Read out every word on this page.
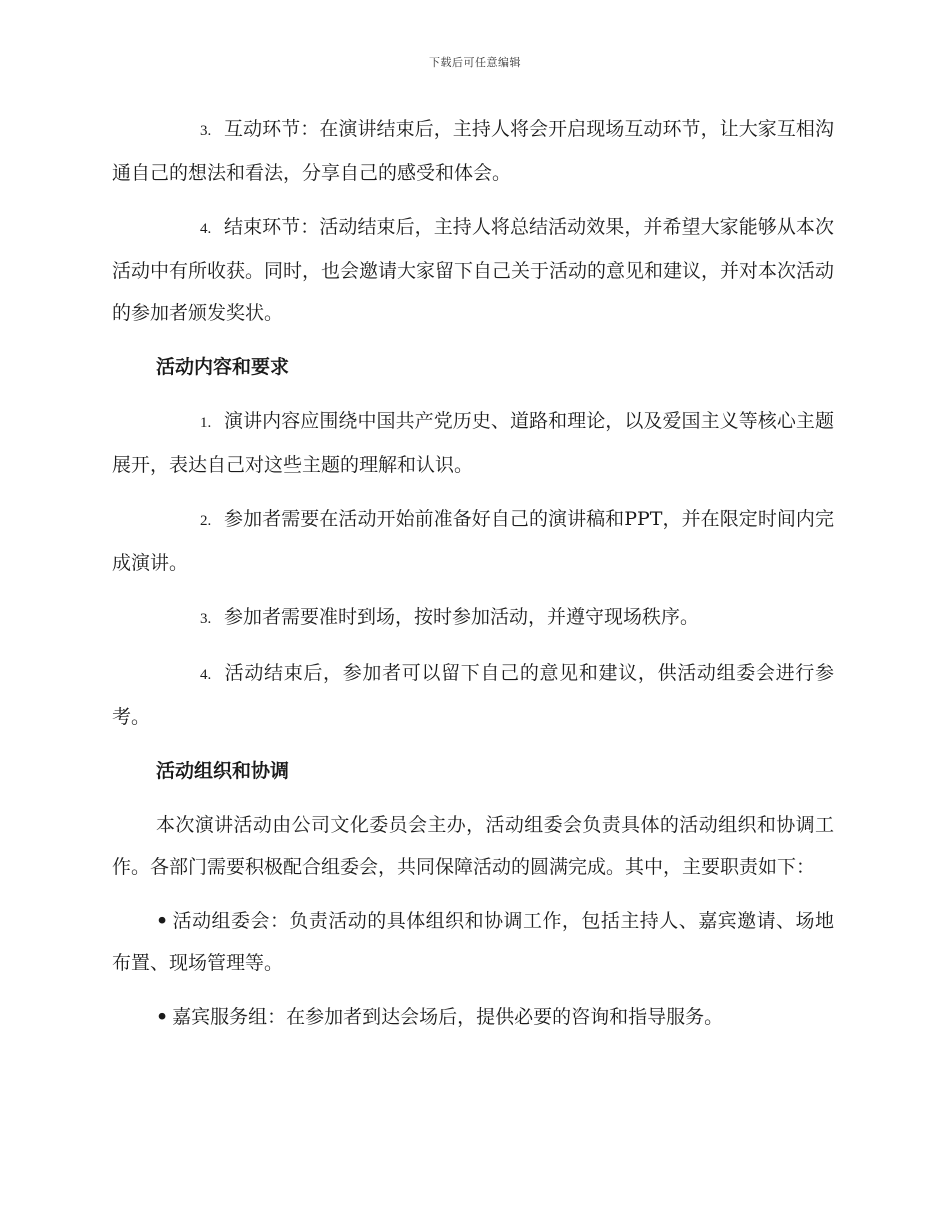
下载后可任意编辑

3. 互动环节：在演讲结束后，主持人将会开启现场互动环节，让大家互相沟通自己的想法和看法，分享自己的感受和体会。

4. 结束环节：活动结束后，主持人将总结活动效果，并希望大家能够从本次活动中有所收获。同时，也会邀请大家留下自己关于活动的意见和建议，并对本次活动的参加者颁发奖状。

活动内容和要求

1. 演讲内容应围绕中国共产党历史、道路和理论，以及爱国主义等核心主题展开，表达自己对这些主题的理解和认识。

2. 参加者需要在活动开始前准备好自己的演讲稿和PPT，并在限定时间内完成演讲。

3. 参加者需要准时到场，按时参加活动，并遵守现场秩序。

4. 活动结束后，参加者可以留下自己的意见和建议，供活动组委会进行参考。

活动组织和协调

本次演讲活动由公司文化委员会主办，活动组委会负责具体的活动组织和协调工作。各部门需要积极配合组委会，共同保障活动的圆满完成。其中，主要职责如下：

• 活动组委会：负责活动的具体组织和协调工作，包括主持人、嘉宾邀请、场地布置、现场管理等。

• 嘉宾服务组：在参加者到达会场后，提供必要的咨询和指导服务。
